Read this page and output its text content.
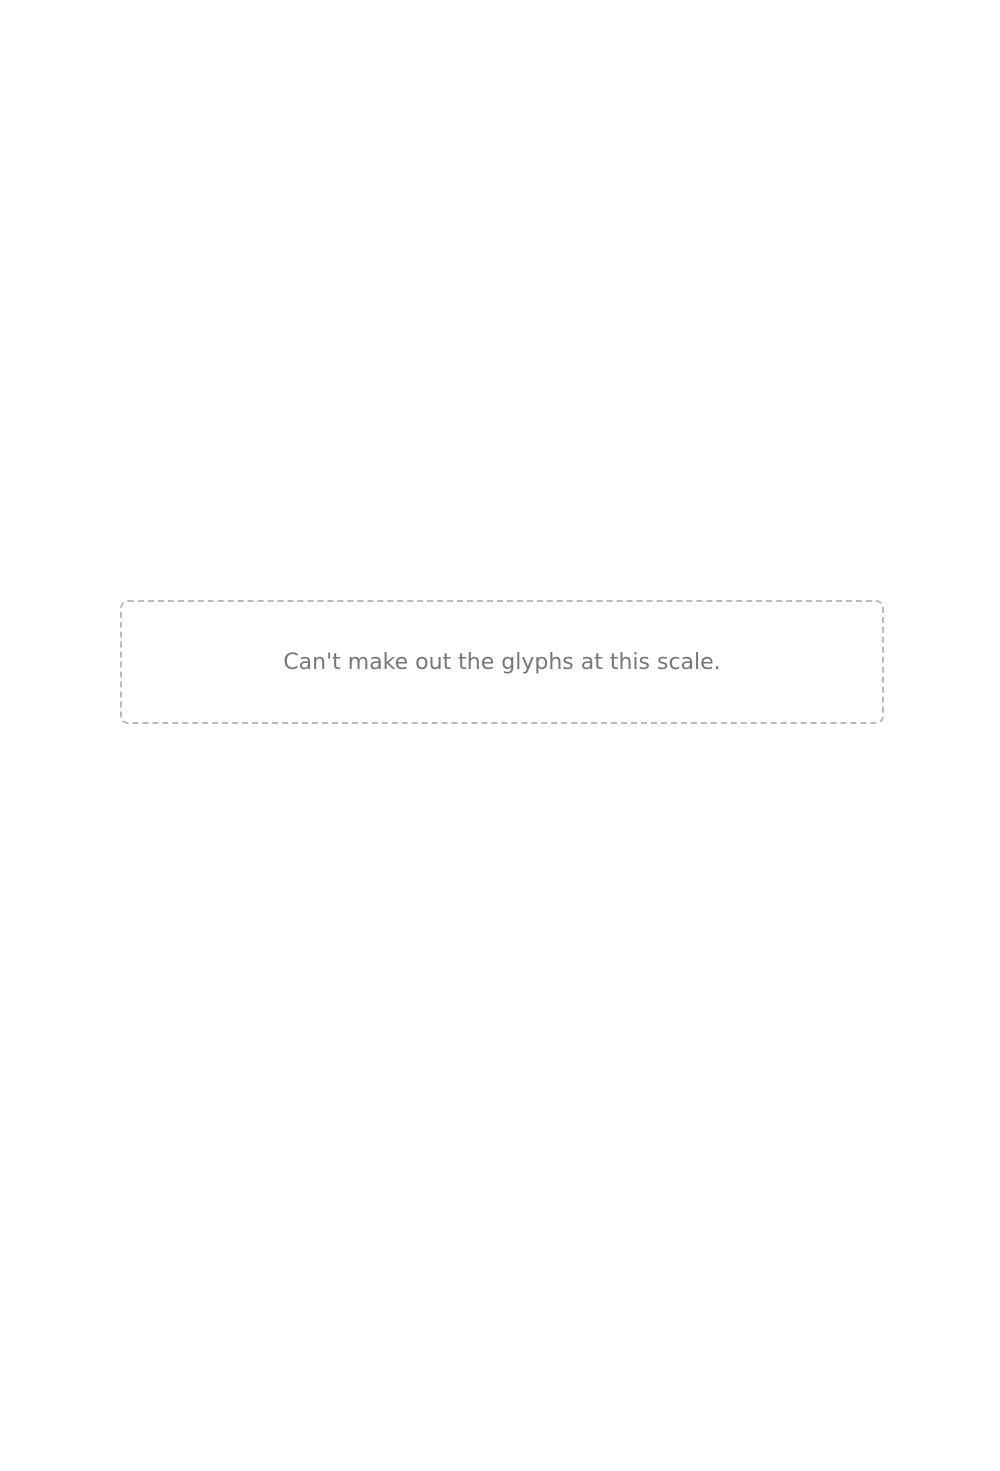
Can't make out the glyphs at this scale.
